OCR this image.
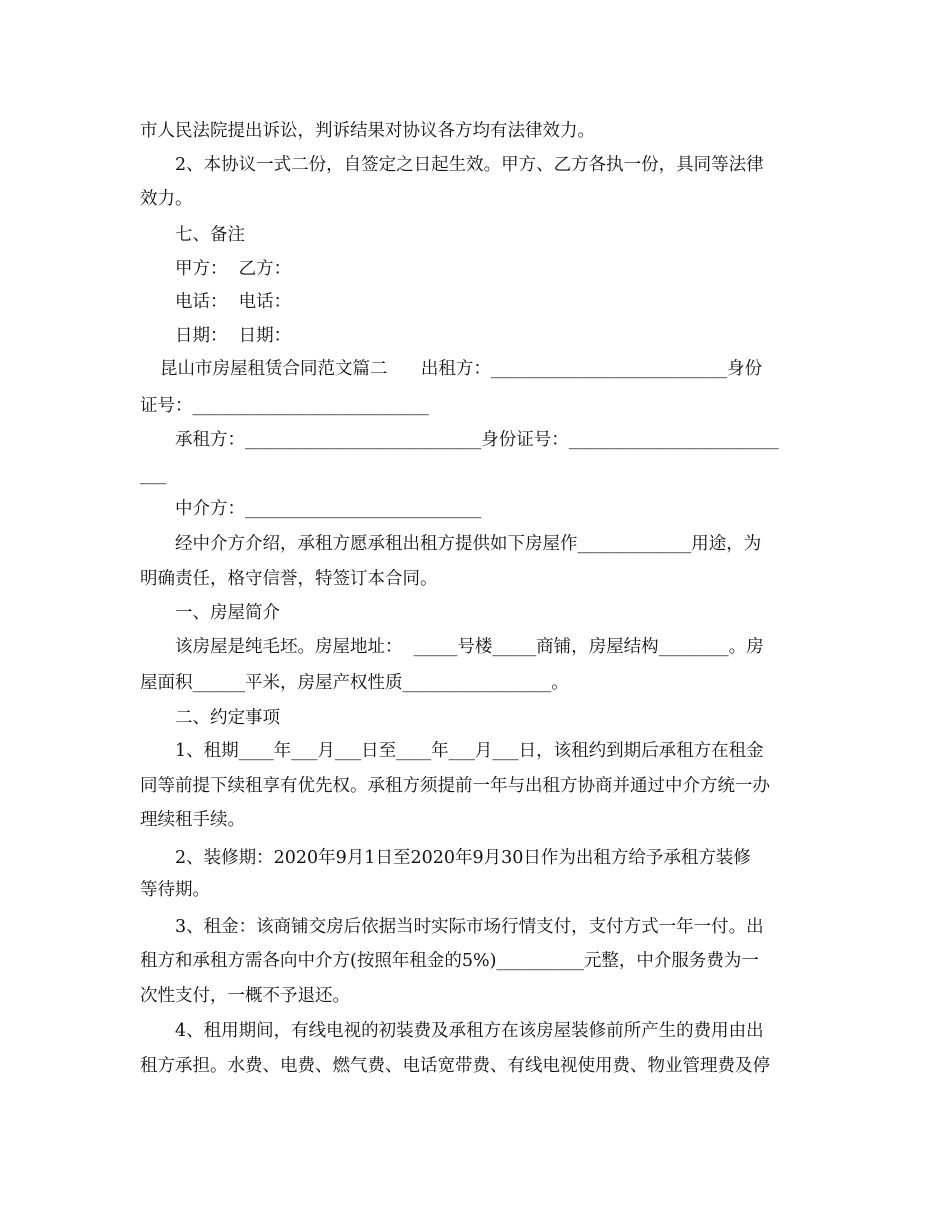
市人民法院提出诉讼，判诉结果对协议各方均有法律效力。
2、本协议一式二份，自签定之日起生效。甲方、乙方各执一份，具同等法律
效力。
七、备注
甲方：  乙方：
电话：  电话：
日期：  日期：
昆山市房屋租赁合同范文篇二      出租方：___________________________身份
证号：___________________________
承租方：___________________________身份证号：________________________
___
中介方：___________________________
经中介方介绍，承租方愿承租出租方提供如下房屋作_____________用途，为
明确责任，格守信誉，特签订本合同。
一、房屋简介
该房屋是纯毛坯。房屋地址：  _____号楼_____商铺，房屋结构________。房
屋面积______平米，房屋产权性质_________________。
二、约定事项
1、租期____年___月___日至____年___月___日，该租约到期后承租方在租金
同等前提下续租享有优先权。承租方须提前一年与出租方协商并通过中介方统一办
理续租手续。
2、装修期：2020年9月1日至2020年9月30日作为出租方给予承租方装修
等待期。
3、租金：该商铺交房后依据当时实际市场行情支付，支付方式一年一付。出
租方和承租方需各向中介方(按照年租金的5%)__________元整，中介服务费为一
次性支付，一概不予退还。
4、租用期间，有线电视的初装费及承租方在该房屋装修前所产生的费用由出
租方承担。水费、电费、燃气费、电话宽带费、有线电视使用费、物业管理费及停
